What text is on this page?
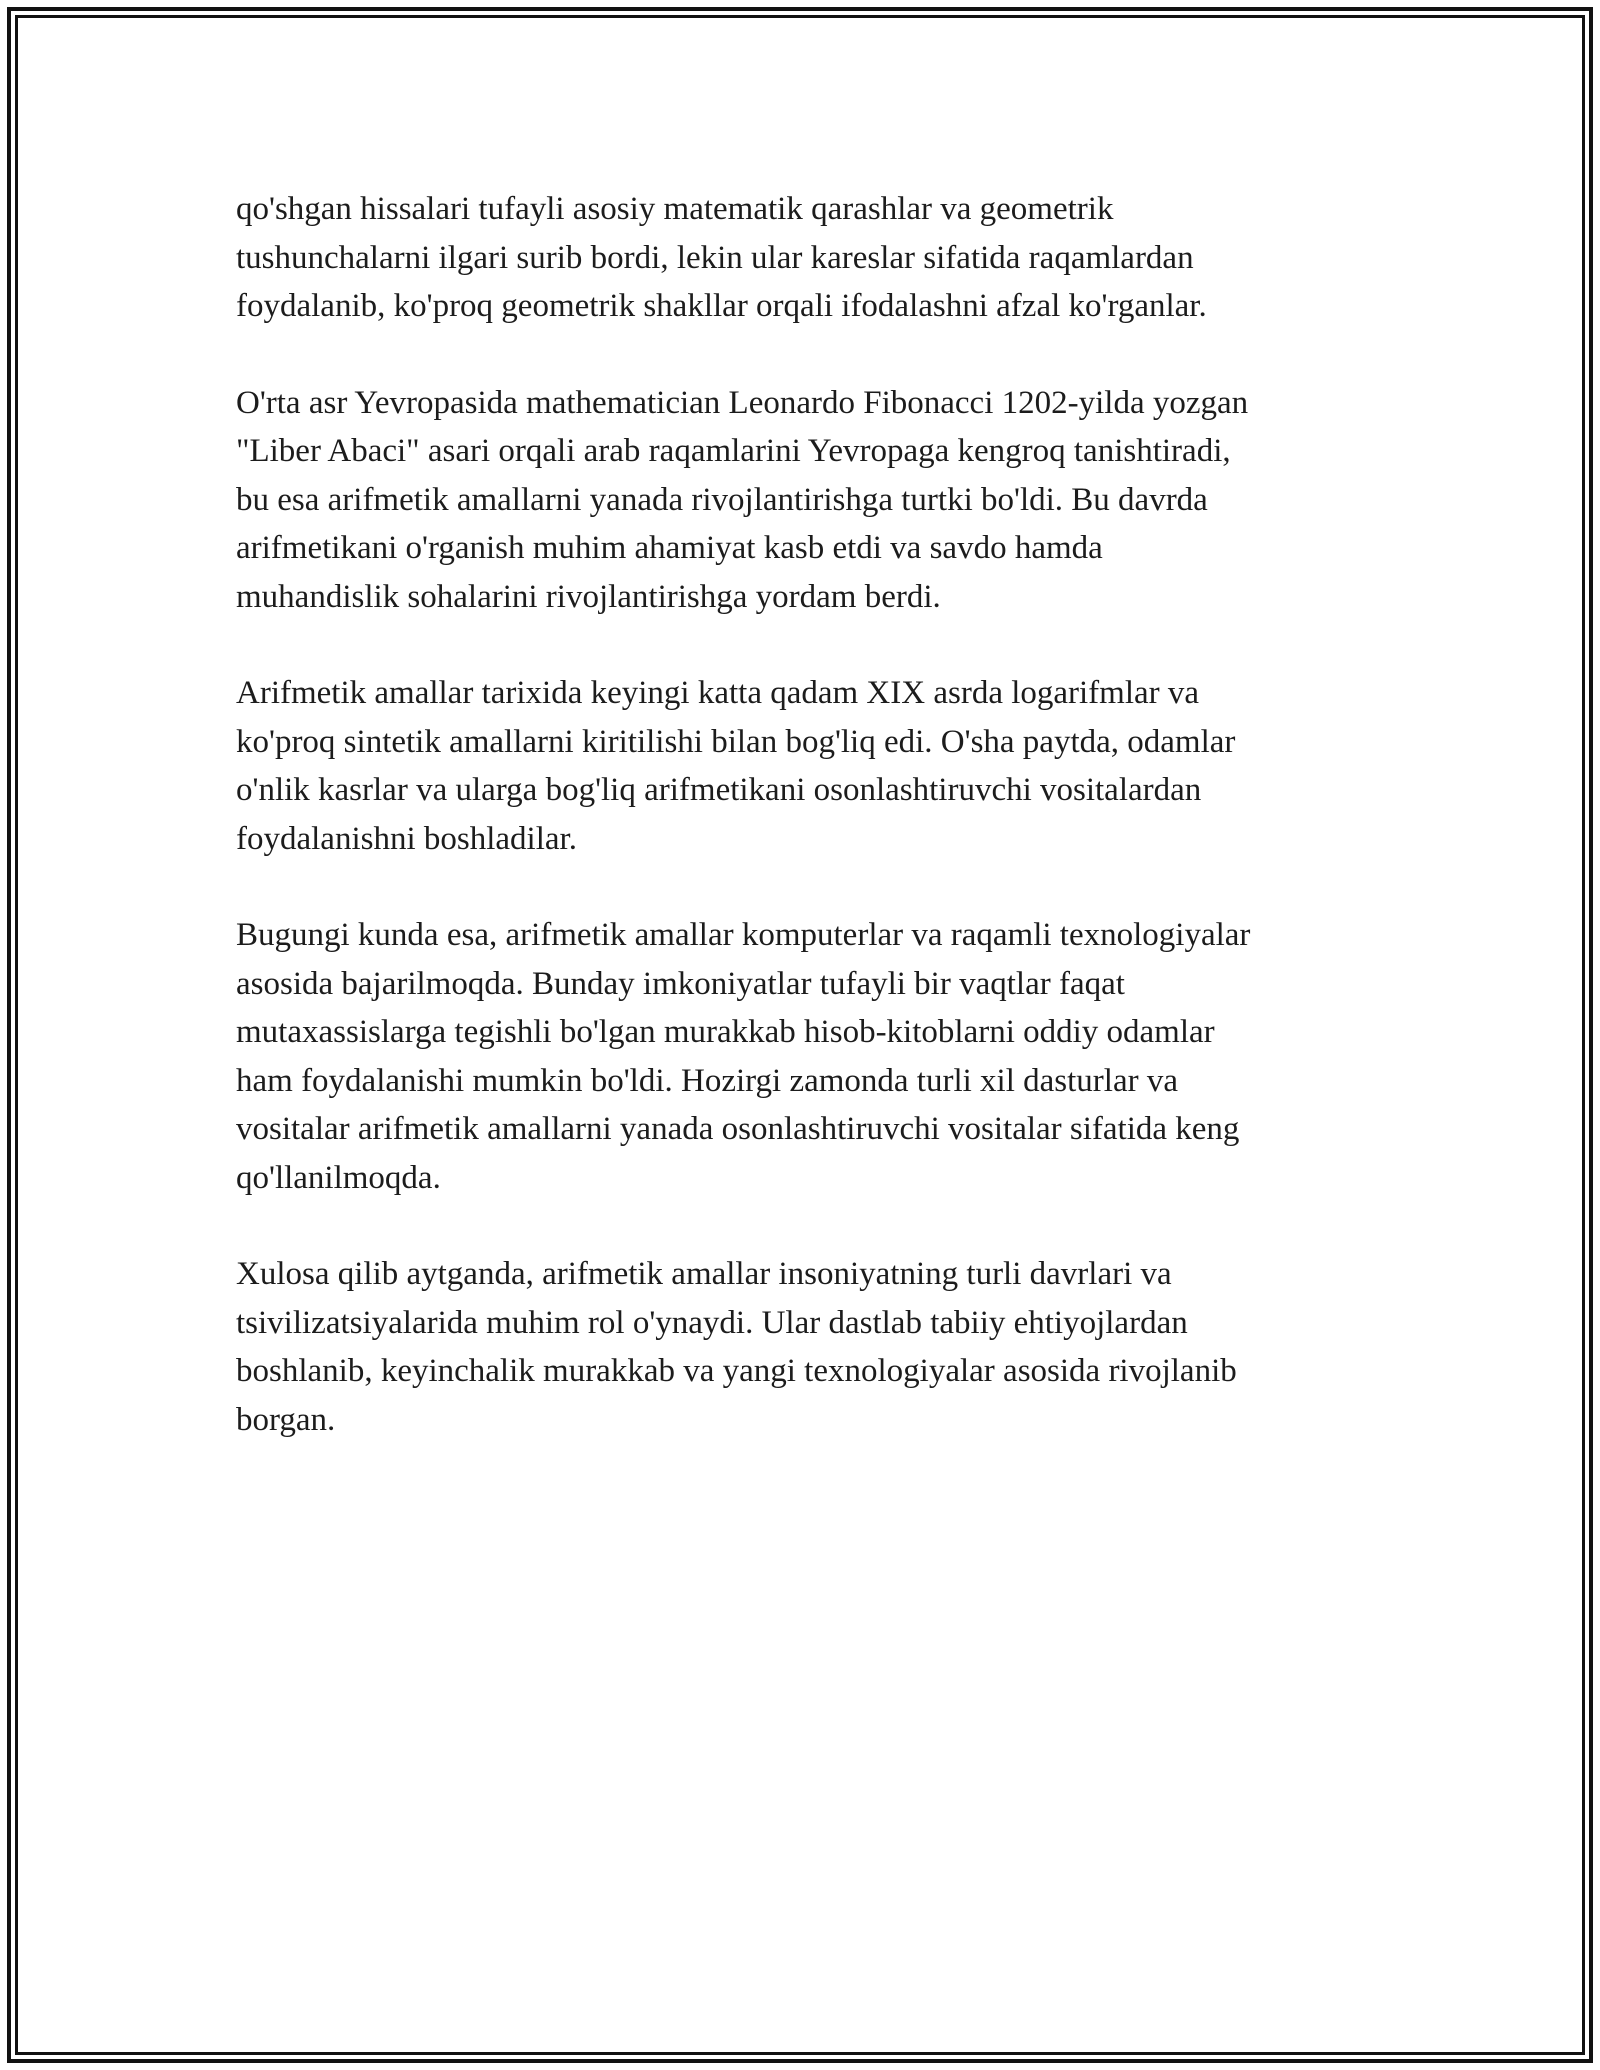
qo'shgan hissalari tufayli asosiy matematik qarashlar va geometrik
tushunchalarni ilgari surib bordi, lekin ular kareslar sifatida raqamlardan
foydalanib, ko'proq geometrik shakllar orqali ifodalashni afzal ko'rganlar.

O'rta asr Yevropasida mathematician Leonardo Fibonacci 1202-yilda yozgan
"Liber Abaci" asari orqali arab raqamlarini Yevropaga kengroq tanishtiradi,
bu esa arifmetik amallarni yanada rivojlantirishga turtki bo'ldi. Bu davrda
arifmetikani o'rganish muhim ahamiyat kasb etdi va savdo hamda
muhandislik sohalarini rivojlantirishga yordam berdi.

Arifmetik amallar tarixida keyingi katta qadam XIX asrda logarifmlar va
ko'proq sintetik amallarni kiritilishi bilan bog'liq edi. O'sha paytda, odamlar
o'nlik kasrlar va ularga bog'liq arifmetikani osonlashtiruvchi vositalardan
foydalanishni boshladilar.

Bugungi kunda esa, arifmetik amallar komputerlar va raqamli texnologiyalar
asosida bajarilmoqda. Bunday imkoniyatlar tufayli bir vaqtlar faqat
mutaxassislarga tegishli bo'lgan murakkab hisob-kitoblarni oddiy odamlar
ham foydalanishi mumkin bo'ldi. Hozirgi zamonda turli xil dasturlar va
vositalar arifmetik amallarni yanada osonlashtiruvchi vositalar sifatida keng
qo'llanilmoqda.

Xulosa qilib aytganda, arifmetik amallar insoniyatning turli davrlari va
tsivilizatsiyalarida muhim rol o'ynaydi. Ular dastlab tabiiy ehtiyojlardan
boshlanib, keyinchalik murakkab va yangi texnologiyalar asosida rivojlanib
borgan.
